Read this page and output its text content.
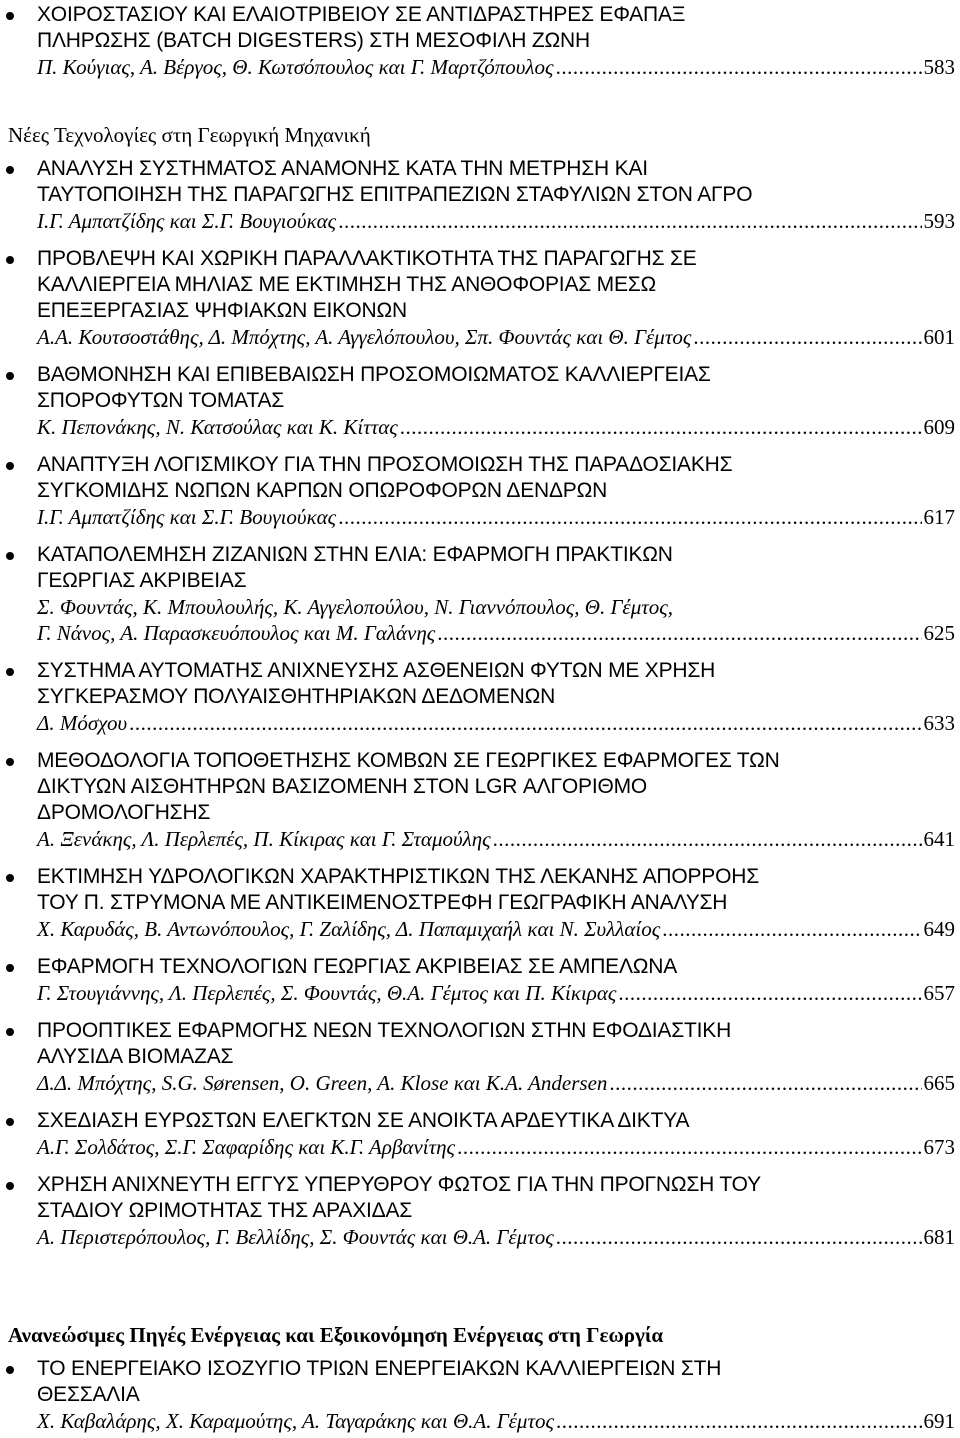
ΧΟΙΡΟΣΤΑΣΙΟΥ ΚΑΙ ΕΛΑΙΟΤΡΙΒΕΙΟΥ ΣΕ ΑΝΤΙΔΡΑΣΤΗΡΕΣ ΕΦΑΠΑΞ
ΠΛΗΡΩΣΗΣ (BATCH DIGESTERS) ΣΤΗ ΜΕΣΟΦΙΛΗ ΖΩΝΗ
Π. Κούγιας, Α. Βέργος, Θ. Κωτσόπουλος και Γ. Μαρτζόπουλος .....	583
Νέες Τεχνολογίες στη Γεωργική Μηχανική
ΑΝΑΛΥΣΗ ΣΥΣΤΗΜΑΤΟΣ ΑΝΑΜΟΝΗΣ ΚΑΤΑ ΤΗΝ ΜΕΤΡΗΣΗ ΚΑΙ
ΤΑΥΤΟΠΟΙΗΣΗ ΤΗΣ ΠΑΡΑΓΩΓΗΣ ΕΠΙΤΡΑΠΕΖΙΩΝ ΣΤΑΦΥΛΙΩΝ ΣΤΟΝ ΑΓΡΟ
Ι.Γ. Αμπατζίδης και Σ.Γ. Βουγιούκας .....	593
ΠΡΟΒΛΕΨΗ ΚΑΙ ΧΩΡΙΚΗ ΠΑΡΑΛΛΑΚΤΙΚΟΤΗΤΑ ΤΗΣ ΠΑΡΑΓΩΓΗΣ ΣΕ
ΚΑΛΛΙΕΡΓΕΙΑ ΜΗΛΙΑΣ ΜΕ ΕΚΤΙΜΗΣΗ ΤΗΣ ΑΝΘΟΦΟΡΙΑΣ ΜΕΣΩ
ΕΠΕΞΕΡΓΑΣΙΑΣ ΨΗΦΙΑΚΩΝ ΕΙΚΟΝΩΝ
Α.Α. Κουτσοστάθης, Δ. Μπόχτης, Α. Αγγελόπουλου, Σπ. Φουντάς και Θ. Γέμτος .....	601
ΒΑΘΜΟΝΗΣΗ ΚΑΙ ΕΠΙΒΕΒΑΙΩΣΗ ΠΡΟΣΟΜΟΙΩΜΑΤΟΣ ΚΑΛΛΙΕΡΓΕΙΑΣ
ΣΠΟΡΟΦΥΤΩΝ ΤΟΜΑΤΑΣ
Κ. Πεπονάκης, Ν. Κατσούλας και Κ. Κίττας .....	609
ΑΝΑΠΤΥΞΗ ΛΟΓΙΣΜΙΚΟΥ ΓΙΑ ΤΗΝ ΠΡΟΣΟΜΟΙΩΣΗ ΤΗΣ ΠΑΡΑΔΟΣΙΑΚΗΣ
ΣΥΓΚΟΜΙΔΗΣ ΝΩΠΩΝ ΚΑΡΠΩΝ ΟΠΩΡΟΦΟΡΩΝ ΔΕΝΔΡΩΝ
Ι.Γ. Αμπατζίδης και Σ.Γ. Βουγιούκας .....	617
ΚΑΤΑΠΟΛΕΜΗΣΗ ΖΙΖΑΝΙΩΝ ΣΤΗΝ ΕΛΙΑ: ΕΦΑΡΜΟΓΗ ΠΡΑΚΤΙΚΩΝ
ΓΕΩΡΓΙΑΣ ΑΚΡΙΒΕΙΑΣ
Σ. Φουντάς, Κ. Μπουλουλής, Κ. Αγγελοπούλου, Ν. Γιαννόπουλος, Θ. Γέμτος,
Γ. Νάνος, Α. Παρασκευόπουλος και Μ. Γαλάνης .....	625
ΣΥΣΤΗΜΑ ΑΥΤΟΜΑΤΗΣ ΑΝΙΧΝΕΥΣΗΣ ΑΣΘΕΝΕΙΩΝ ΦΥΤΩΝ ΜΕ ΧΡΗΣΗ
ΣΥΓΚΕΡΑΣΜΟΥ ΠΟΛΥΑΙΣΘΗΤΗΡΙΑΚΩΝ ΔΕΔΟΜΕΝΩΝ
Δ. Μόσχου .....	633
ΜΕΘΟΔΟΛΟΓΙΑ ΤΟΠΟΘΕΤΗΣΗΣ ΚΟΜΒΩΝ ΣΕ ΓΕΩΡΓΙΚΕΣ ΕΦΑΡΜΟΓΕΣ ΤΩΝ
ΔΙΚΤΥΩΝ ΑΙΣΘΗΤΗΡΩΝ ΒΑΣΙΖΟΜΕΝΗ ΣΤΟΝ LGR ΑΛΓΟΡΙΘΜΟ
ΔΡΟΜΟΛΟΓΗΣΗΣ
Α. Ξενάκης, Λ. Περλεπές, Π. Κίκιρας και Γ. Σταμούλης .....	641
ΕΚΤΙΜΗΣΗ ΥΔΡΟΛΟΓΙΚΩΝ ΧΑΡΑΚΤΗΡΙΣΤΙΚΩΝ ΤΗΣ ΛΕΚΑΝΗΣ ΑΠΟΡΡΟΗΣ
ΤΟΥ Π. ΣΤΡΥΜΟΝΑ ΜΕ ΑΝΤΙΚΕΙΜΕΝΟΣΤΡΕΦΗ ΓΕΩΓΡΑΦΙΚΗ ΑΝΑΛΥΣΗ
Χ. Καρυδάς, Β. Αντωνόπουλος, Γ. Ζαλίδης, Δ. Παπαμιχαήλ και Ν. Συλλαίος .....	649
ΕΦΑΡΜΟΓΗ ΤΕΧΝΟΛΟΓΙΩΝ ΓΕΩΡΓΙΑΣ ΑΚΡΙΒΕΙΑΣ ΣΕ ΑΜΠΕΛΩΝΑ
Γ. Στουγιάννης, Λ. Περλεπές, Σ. Φουντάς, Θ.Α. Γέμτος και Π. Κίκιρας .....	657
ΠΡΟΟΠΤΙΚΕΣ ΕΦΑΡΜΟΓΗΣ ΝΕΩΝ ΤΕΧΝΟΛΟΓΙΩΝ ΣΤΗΝ ΕΦΟΔΙΑΣΤΙΚΗ
ΑΛΥΣΙΔΑ ΒΙΟΜΑΖΑΣ
Δ.Δ. Μπόχτης, S.G. Sørensen, O. Green, A. Klose και K.A. Andersen .....	665
ΣΧΕΔΙΑΣΗ ΕΥΡΩΣΤΩΝ ΕΛΕΓΚΤΩΝ ΣΕ ΑΝΟΙΚΤΑ ΑΡΔΕΥΤΙΚΑ ΔΙΚΤΥΑ
Α.Γ. Σολδάτος, Σ.Γ. Σαφαρίδης και Κ.Γ. Αρβανίτης .....	673
ΧΡΗΣΗ ΑΝΙΧΝΕΥΤΗ ΕΓΓΥΣ ΥΠΕΡΥΘΡΟΥ ΦΩΤΟΣ ΓΙΑ ΤΗΝ ΠΡΟΓΝΩΣΗ ΤΟΥ
ΣΤΑΔΙΟΥ ΩΡΙΜΟΤΗΤΑΣ ΤΗΣ ΑΡΑΧΙΔΑΣ
Α. Περιστερόπουλος, Γ. Βελλίδης, Σ. Φουντάς και Θ.Α. Γέμτος .....	681
Ανανεώσιμες Πηγές Ενέργειας και Εξοικονόμηση Ενέργειας στη Γεωργία
ΤΟ ΕΝΕΡΓΕΙΑΚΟ ΙΣΟΖΥΓΙΟ ΤΡΙΩΝ ΕΝΕΡΓΕΙΑΚΩΝ ΚΑΛΛΙΕΡΓΕΙΩΝ ΣΤΗ
ΘΕΣΣΑΛΙΑ
Χ. Καβαλάρης, Χ. Καραμούτης, Α. Ταγαράκης και Θ.Α. Γέμτος .....	691
